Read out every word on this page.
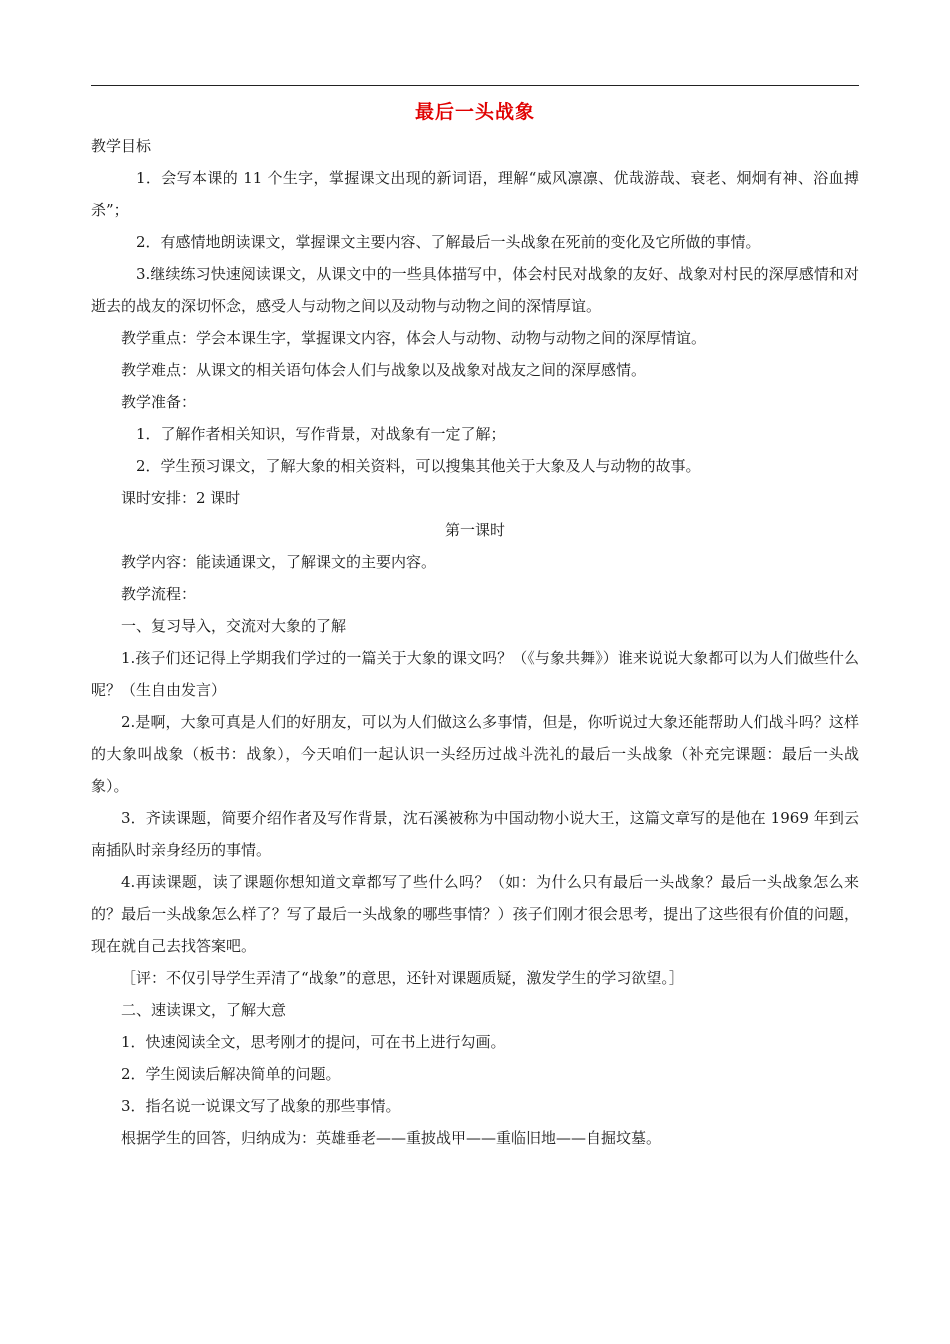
最后一头战象

教学目标

1．会写本课的 11 个生字，掌握课文出现的新词语，理解“威风凛凛、优哉游哉、衰老、炯炯有神、浴血搏杀”；

2．有感情地朗读课文，掌握课文主要内容、了解最后一头战象在死前的变化及它所做的事情。

3.继续练习快速阅读课文，从课文中的一些具体描写中，体会村民对战象的友好、战象对村民的深厚感情和对逝去的战友的深切怀念，感受人与动物之间以及动物与动物之间的深情厚谊。

教学重点：学会本课生字，掌握课文内容，体会人与动物、动物与动物之间的深厚情谊。

教学难点：从课文的相关语句体会人们与战象以及战象对战友之间的深厚感情。

教学准备：

1．了解作者相关知识，写作背景，对战象有一定了解；

2．学生预习课文，了解大象的相关资料，可以搜集其他关于大象及人与动物的故事。

课时安排：2 课时

第一课时

教学内容：能读通课文，了解课文的主要内容。

教学流程：

一、复习导入，交流对大象的了解

1.孩子们还记得上学期我们学过的一篇关于大象的课文吗？（《与象共舞》）谁来说说大象都可以为人们做些什么呢？（生自由发言）

2.是啊，大象可真是人们的好朋友，可以为人们做这么多事情，但是，你听说过大象还能帮助人们战斗吗？这样的大象叫战象（板书：战象），今天咱们一起认识一头经历过战斗洗礼的最后一头战象（补充完课题：最后一头战象）。

3．齐读课题，简要介绍作者及写作背景，沈石溪被称为中国动物小说大王，这篇文章写的是他在 1969 年到云南插队时亲身经历的事情。

4.再读课题，读了课题你想知道文章都写了些什么吗？（如：为什么只有最后一头战象？最后一头战象怎么来的？最后一头战象怎么样了？写了最后一头战象的哪些事情？）孩子们刚才很会思考，提出了这些很有价值的问题，现在就自己去找答案吧。

［评：不仅引导学生弄清了“战象”的意思，还针对课题质疑，激发学生的学习欲望。］

二、速读课文，了解大意

1．快速阅读全文，思考刚才的提问，可在书上进行勾画。

2．学生阅读后解决简单的问题。

3．指名说一说课文写了战象的那些事情。

根据学生的回答，归纳成为：英雄垂老——重披战甲——重临旧地——自掘坟墓。
